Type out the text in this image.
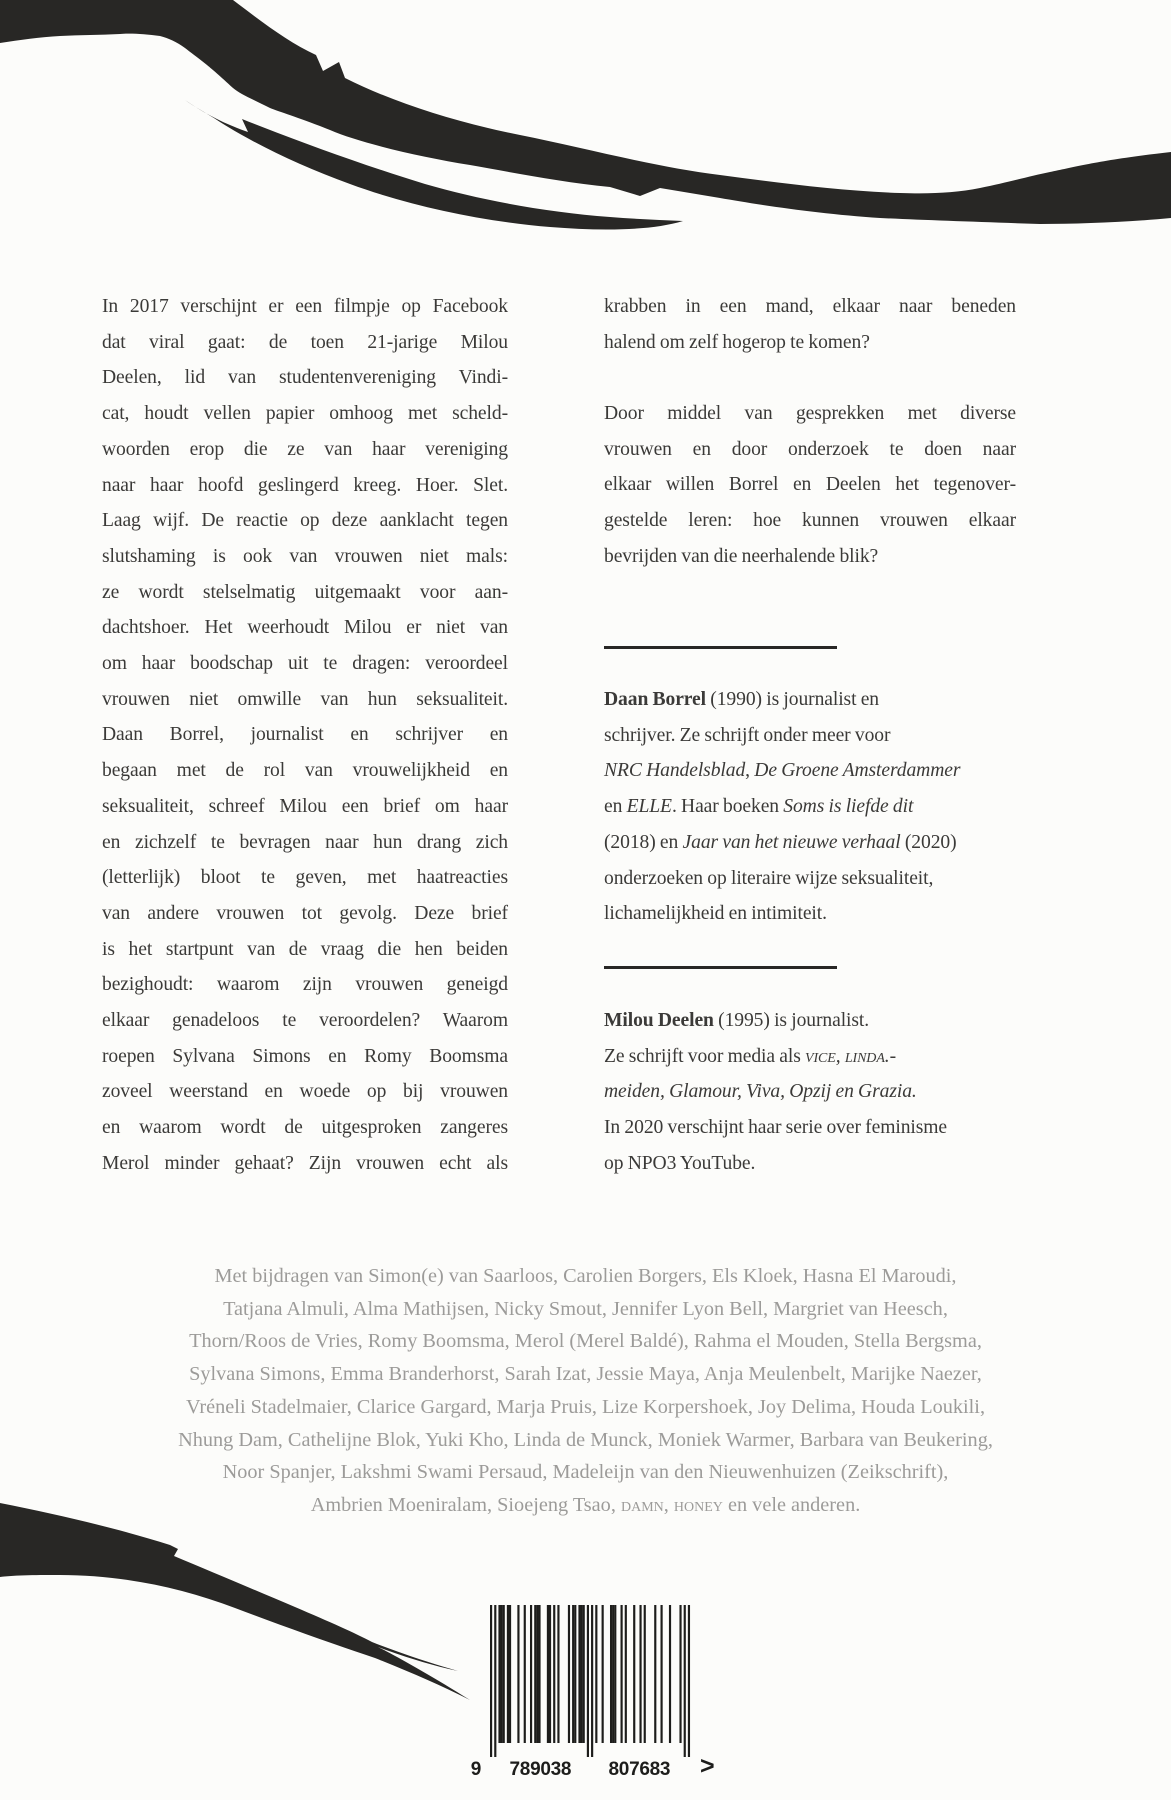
In 2017 verschijnt er een filmpje op Facebook
dat viral gaat: de toen 21-jarige Milou
Deelen, lid van studentenvereniging Vindi-
cat, houdt vellen papier omhoog met scheld-
woorden erop die ze van haar vereniging
naar haar hoofd geslingerd kreeg. Hoer. Slet.
Laag wijf. De reactie op deze aanklacht tegen
slutshaming is ook van vrouwen niet mals:
ze wordt stelselmatig uitgemaakt voor aan-
dachtshoer. Het weerhoudt Milou er niet van
om haar boodschap uit te dragen: veroordeel
vrouwen niet omwille van hun seksualiteit.
Daan Borrel, journalist en schrijver en
begaan met de rol van vrouwelijkheid en
seksualiteit, schreef Milou een brief om haar
en zichzelf te bevragen naar hun drang zich
(letterlijk) bloot te geven, met haatreacties
van andere vrouwen tot gevolg. Deze brief
is het startpunt van de vraag die hen beiden
bezighoudt: waarom zijn vrouwen geneigd
elkaar genadeloos te veroordelen? Waarom
roepen Sylvana Simons en Romy Boomsma
zoveel weerstand en woede op bij vrouwen
en waarom wordt de uitgesproken zangeres
Merol minder gehaat? Zijn vrouwen echt als
krabben in een mand, elkaar naar beneden
halend om zelf hogerop te komen?
Door middel van gesprekken met diverse
vrouwen en door onderzoek te doen naar
elkaar willen Borrel en Deelen het tegenover-
gestelde leren: hoe kunnen vrouwen elkaar
bevrijden van die neerhalende blik?
Daan Borrel (1990) is journalist en
schrijver. Ze schrijft onder meer voor
NRC Handelsblad, De Groene Amsterdammer
en ELLE. Haar boeken Soms is liefde dit
(2018) en Jaar van het nieuwe verhaal (2020)
onderzoeken op literaire wijze seksualiteit,
lichamelijkheid en intimiteit.
Milou Deelen (1995) is journalist.
Ze schrijft voor media als vice, linda.-
meiden, Glamour, Viva, Opzij en Grazia.
In 2020 verschijnt haar serie over feminisme
op NPO3 YouTube.
Met bijdragen van Simon(e) van Saarloos, Carolien Borgers, Els Kloek, Hasna El Maroudi,
Tatjana Almuli, Alma Mathijsen, Nicky Smout, Jennifer Lyon Bell, Margriet van Heesch,
Thorn/Roos de Vries, Romy Boomsma, Merol (Merel Baldé), Rahma el Mouden, Stella Bergsma,
Sylvana Simons, Emma Branderhorst, Sarah Izat, Jessie Maya, Anja Meulenbelt, Marijke Naezer,
Vréneli Stadelmaier, Clarice Gargard, Marja Pruis, Lize Korpershoek, Joy Delima, Houda Loukili,
Nhung Dam, Cathelijne Blok, Yuki Kho, Linda de Munck, Moniek Warmer, Barbara van Beukering,
Noor Spanjer, Lakshmi Swami Persaud, Madeleijn van den Nieuwenhuizen (Zeikschrift),
Ambrien Moeniralam, Sioejeng Tsao, damn, honey en vele anderen.
9 789038 807683 >
